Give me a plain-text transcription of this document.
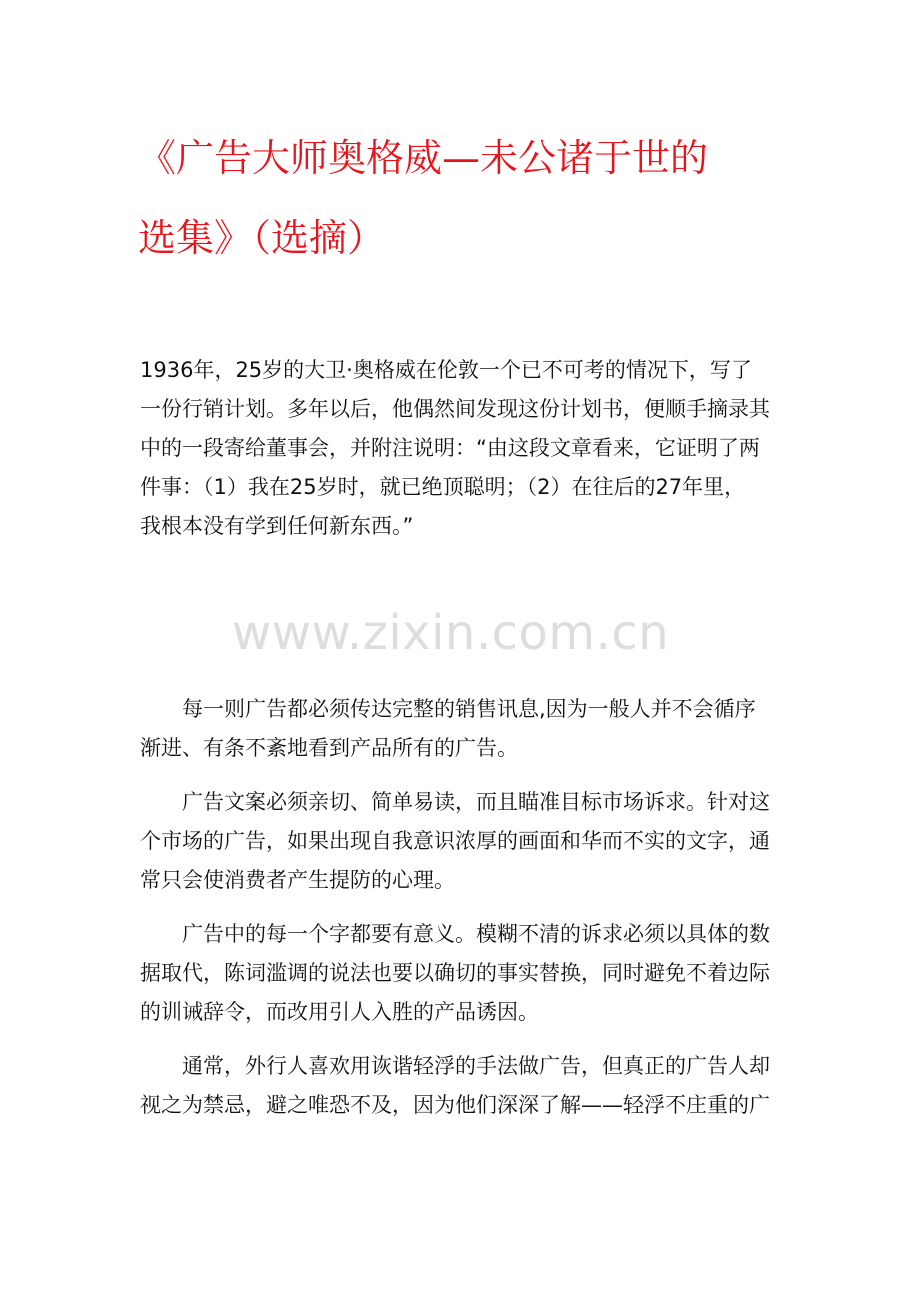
《广告大师奥格威—未公诸于世的
选集》（选摘）
1936年，25岁的大卫·奥格威在伦敦一个已不可考的情况下，写了
一份行销计划。多年以后，他偶然间发现这份计划书，便顺手摘录其
中的一段寄给董事会，并附注说明：“由这段文章看来，它证明了两
件事：（1）我在25岁时，就已绝顶聪明；（2）在往后的27年里，
我根本没有学到任何新东西。”
www.zixin.com.cn

　　每一则广告都必须传达完整的销售讯息,因为一般人并不会循序
渐进、有条不紊地看到产品所有的广告。

　　广告文案必须亲切、简单易读，而且瞄准目标市场诉求。针对这
个市场的广告，如果出现自我意识浓厚的画面和华而不实的文字，通
常只会使消费者产生提防的心理。

　　广告中的每一个字都要有意义。模糊不清的诉求必须以具体的数
据取代，陈词滥调的说法也要以确切的事实替换，同时避免不着边际
的训诫辞令，而改用引人入胜的产品诱因。

　　通常，外行人喜欢用诙谐轻浮的手法做广告，但真正的广告人却
视之为禁忌，避之唯恐不及，因为他们深深了解——轻浮不庄重的广
